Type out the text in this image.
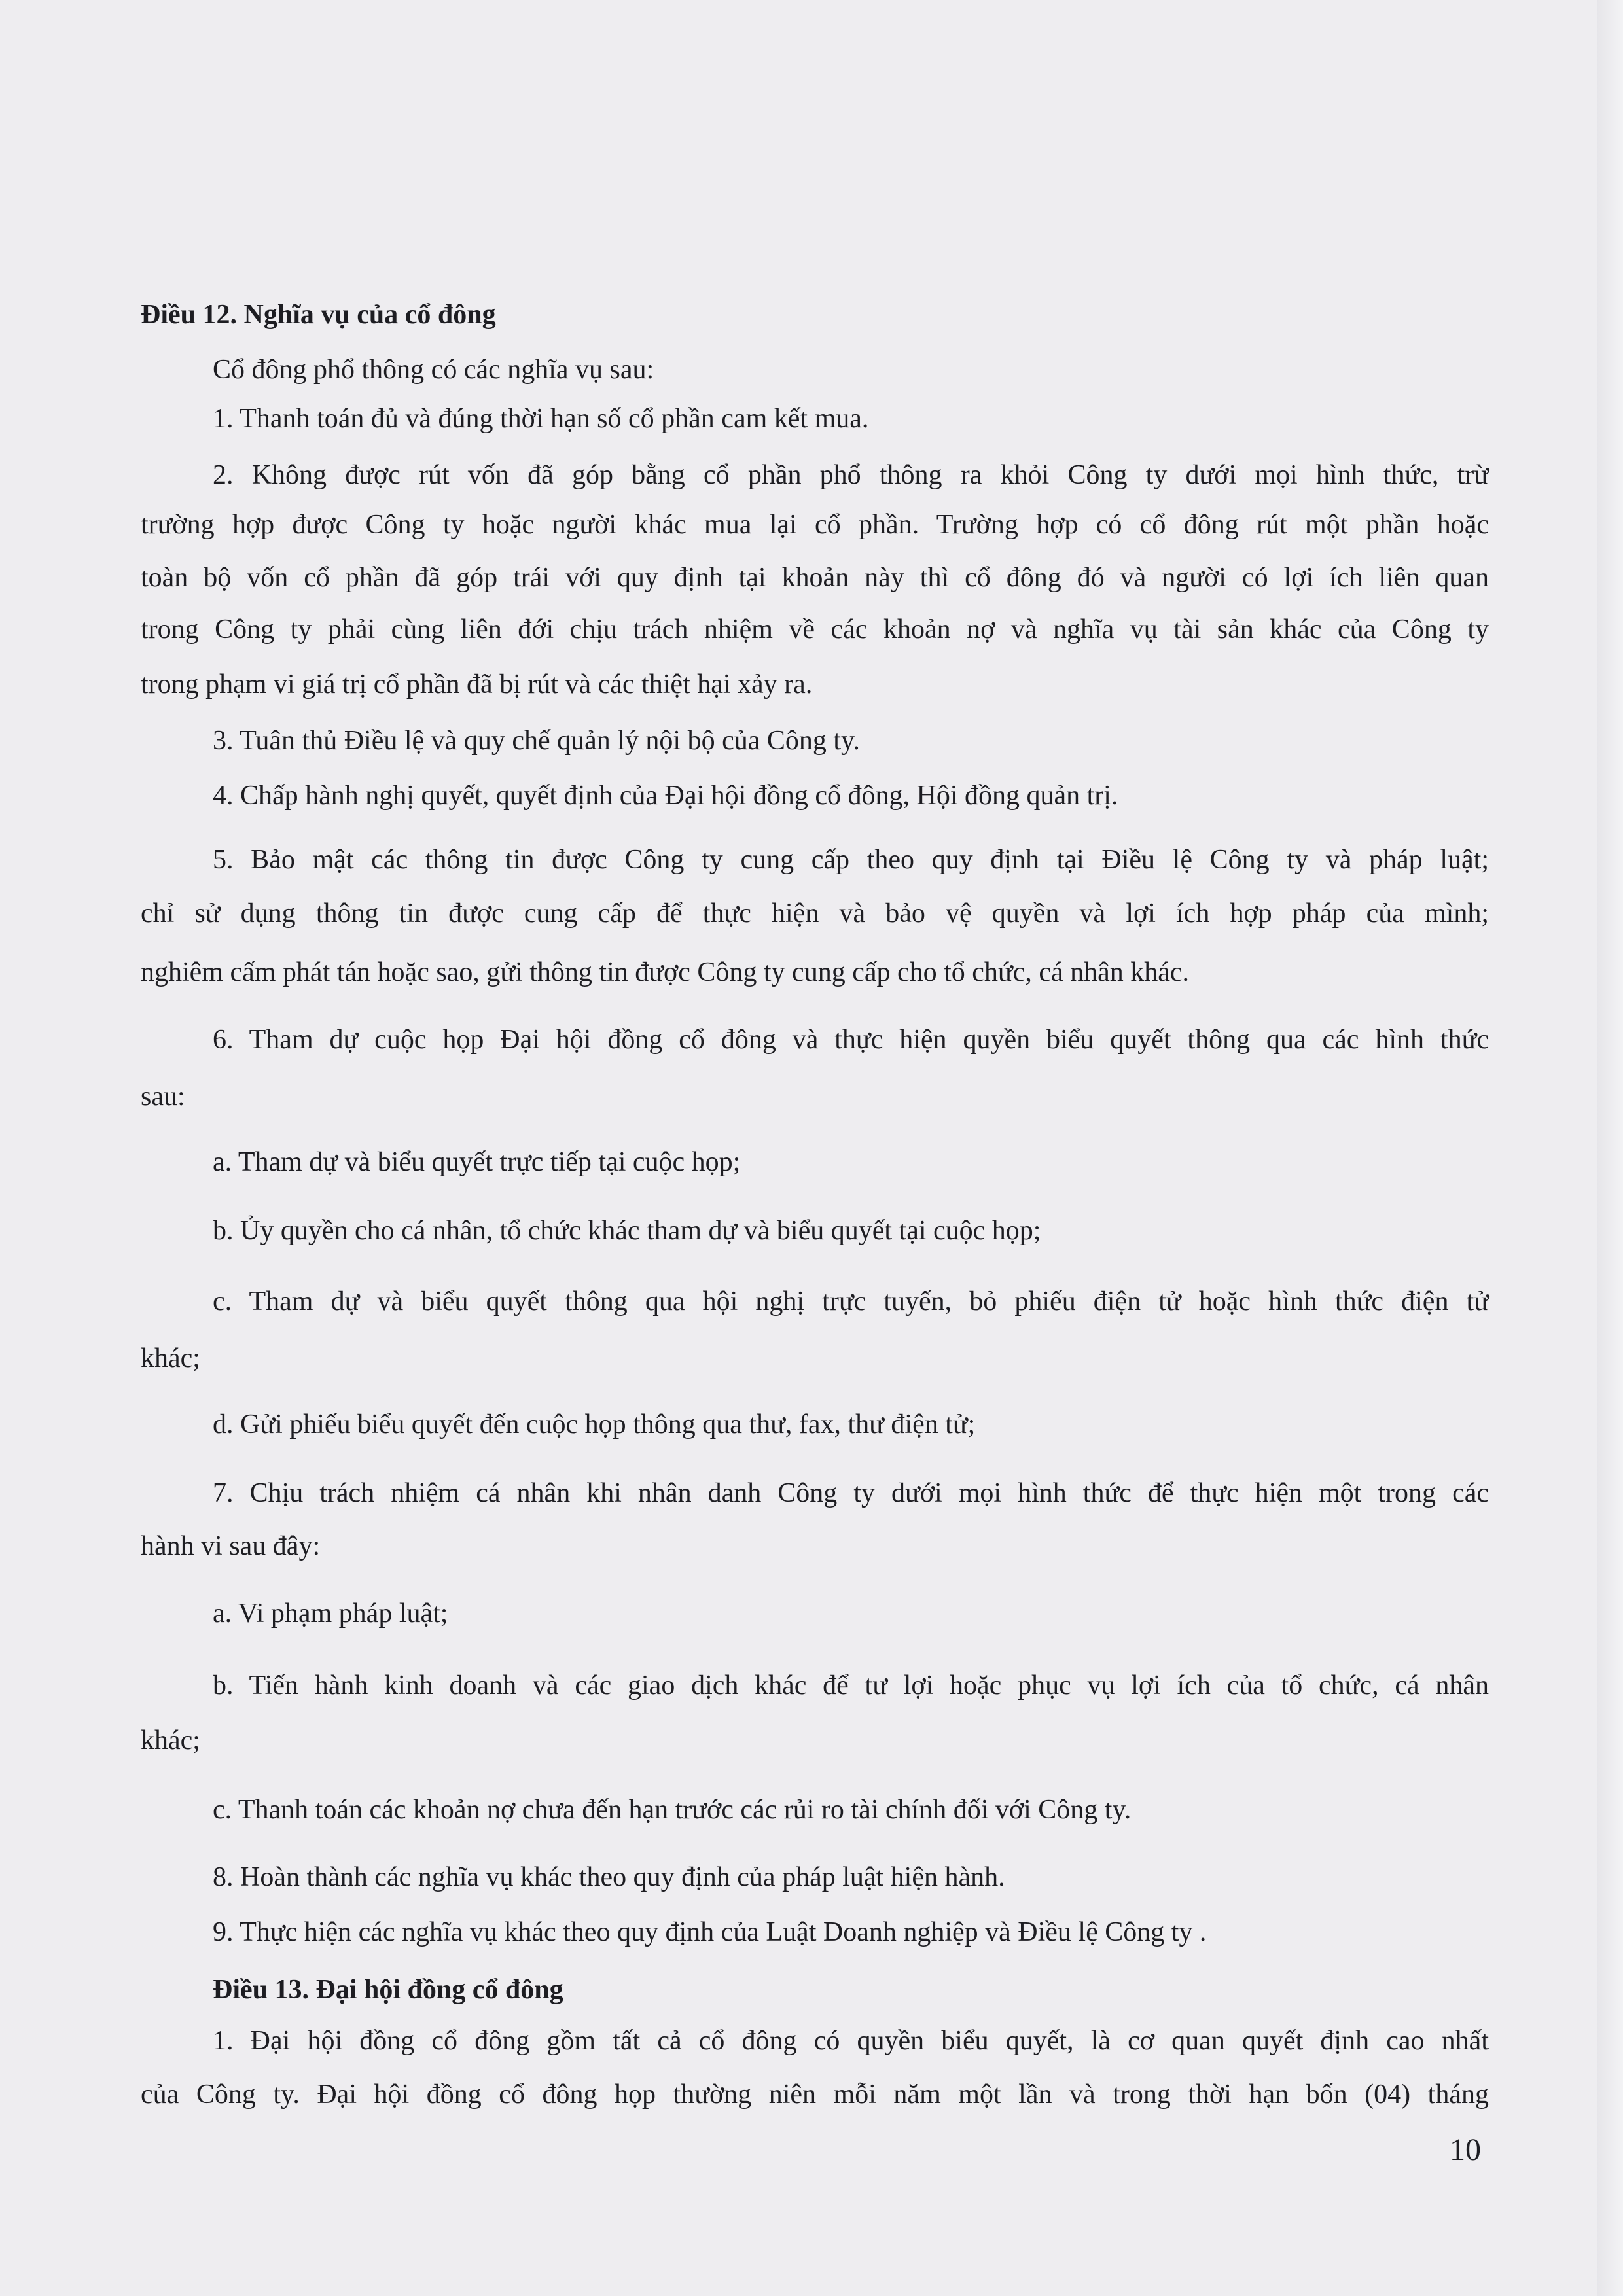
Điều 12. Nghĩa vụ của cổ đông
Cổ đông phổ thông có các nghĩa vụ sau:
1. Thanh toán đủ và đúng thời hạn số cổ phần cam kết mua.
2. Không được rút vốn đã góp bằng cổ phần phổ thông ra khỏi Công ty dưới mọi hình thức, trừ
trường hợp được Công ty hoặc người khác mua lại cổ phần. Trường hợp có cổ đông rút một phần hoặc
toàn bộ vốn cổ phần đã góp trái với quy định tại khoản này thì cổ đông đó và người có lợi ích liên quan
trong Công ty phải cùng liên đới chịu trách nhiệm về các khoản nợ và nghĩa vụ tài sản khác của Công ty
trong phạm vi giá trị cổ phần đã bị rút và các thiệt hại xảy ra.
3. Tuân thủ Điều lệ và quy chế quản lý nội bộ của Công ty.
4. Chấp hành nghị quyết, quyết định của Đại hội đồng cổ đông, Hội đồng quản trị.
5. Bảo mật các thông tin được Công ty cung cấp theo quy định tại Điều lệ Công ty và pháp luật;
chỉ sử dụng thông tin được cung cấp để thực hiện và bảo vệ quyền và lợi ích hợp pháp của mình;
nghiêm cấm phát tán hoặc sao, gửi thông tin được Công ty cung cấp cho tổ chức, cá nhân khác.
6. Tham dự cuộc họp Đại hội đồng cổ đông và thực hiện quyền biểu quyết thông qua các hình thức
sau:
a. Tham dự và biểu quyết trực tiếp tại cuộc họp;
b. Ủy quyền cho cá nhân, tổ chức khác tham dự và biểu quyết tại cuộc họp;
c. Tham dự và biểu quyết thông qua hội nghị trực tuyến, bỏ phiếu điện tử hoặc hình thức điện tử
khác;
d. Gửi phiếu biểu quyết đến cuộc họp thông qua thư, fax, thư điện tử;
7. Chịu trách nhiệm cá nhân khi nhân danh Công ty dưới mọi hình thức để thực hiện một trong các
hành vi sau đây:
a. Vi phạm pháp luật;
b. Tiến hành kinh doanh và các giao dịch khác để tư lợi hoặc phục vụ lợi ích của tổ chức, cá nhân
khác;
c. Thanh toán các khoản nợ chưa đến hạn trước các rủi ro tài chính đối với Công ty.
8. Hoàn thành các nghĩa vụ khác theo quy định của pháp luật hiện hành.
9. Thực hiện các nghĩa vụ khác theo quy định của Luật Doanh nghiệp và Điều lệ Công ty .
Điều 13. Đại hội đồng cổ đông
1. Đại hội đồng cổ đông gồm tất cả cổ đông có quyền biểu quyết, là cơ quan quyết định cao nhất
của Công ty. Đại hội đồng cổ đông họp thường niên mỗi năm một lần và trong thời hạn bốn (04) tháng
10
